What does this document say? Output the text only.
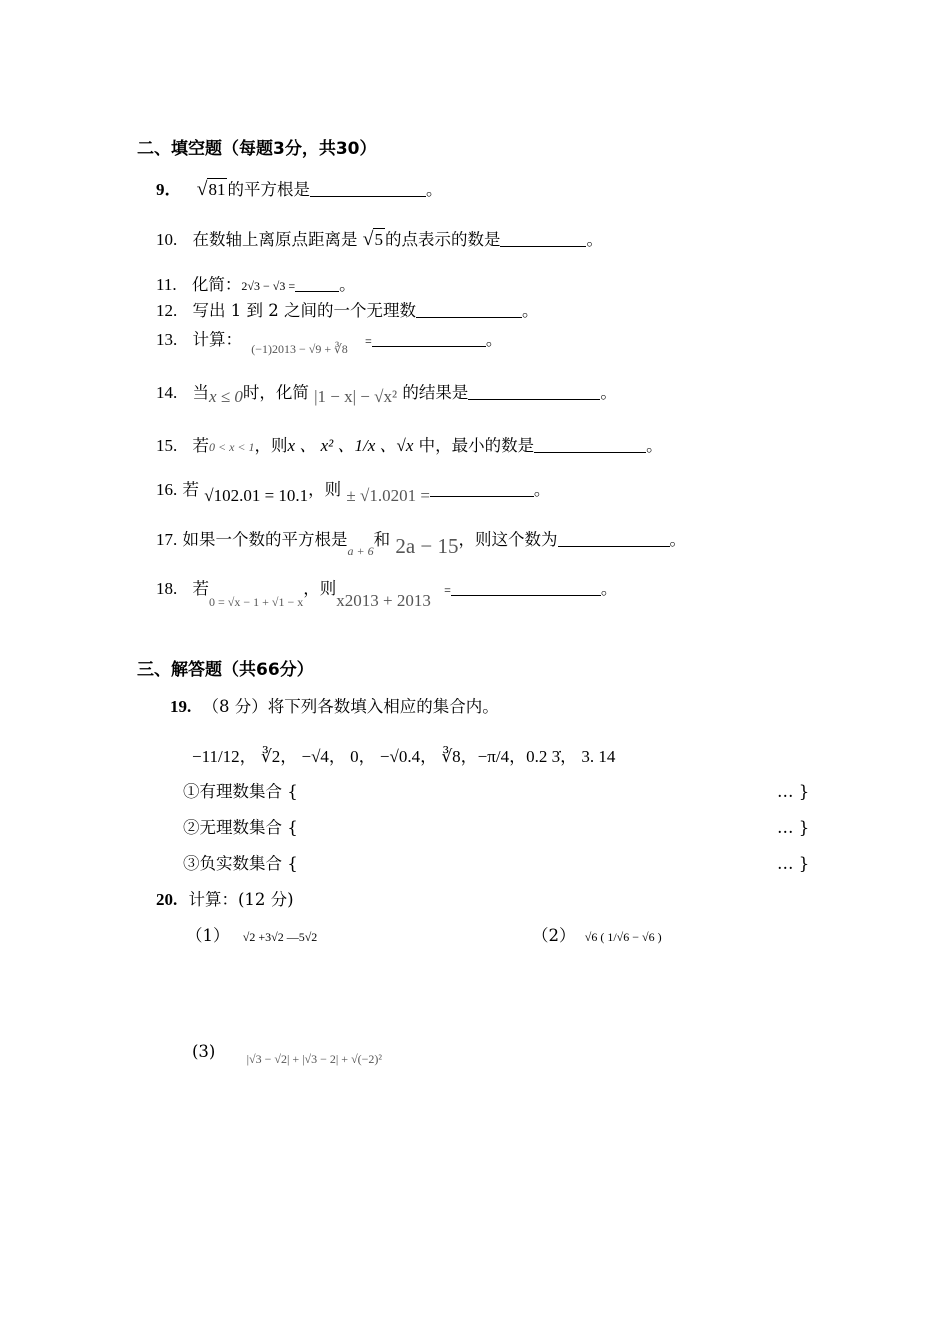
二、填空题（每题3分，共30）
9． √81 的平方根是	。
10. 在数轴上离原点距离是 √5 的点表示的数是	。
11. 化简：2√3 − √3 =	。
12. 写出 1 到 2 之间的一个无理数	。
13. 计算： $_{(-1)2013 - √9 + ∛8}$ =	。
14. 当x ≤ 0时，化简 |1 − x| − √x² 的结果是	。
15. 若0 < x < 1，则x 、 x² 、1/x 、√x 中，最小的数是	。
16. 若 √102.01 = 10.1，则 ± √1.0201 =	。
17. 如果一个数的平方根是$_{a + 6}$和 2a − 15，则这个数为	。
18. 若$_{0 = √x - 1 + √1 - x}$，则x2013 + 2013 =	。
三、解答题（共66分）
19. （8 分）将下列各数填入相应的集合内。
−11/12， ∛2， −√4， 0， −√0.4， ∛8，−π/4，0.2 3̇， 3. 14
①有理数集合 {	… }
②无理数集合 {	… }
③负实数集合 {	… }
20. 计算：(12 分)
（1） √2 +3√2 —5√2	（2） √6 ( 1/√6 − √6 )
(3)	$_{|√3 - √2| + |√3 - 2| + √(-2)^2}$
